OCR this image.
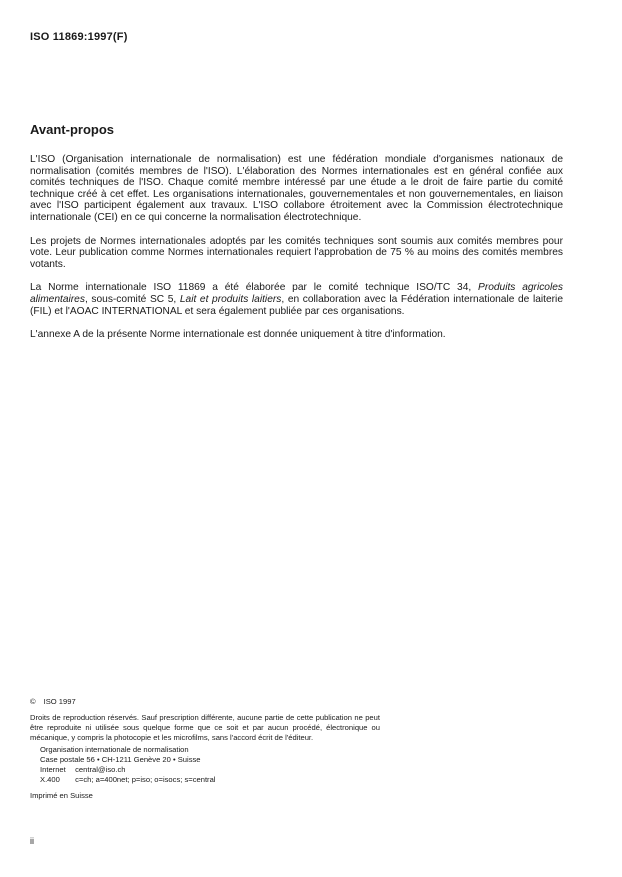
ISO 11869:1997(F)
Avant-propos

L'ISO (Organisation internationale de normalisation) est une fédération mondiale d'organismes nationaux de normalisation (comités membres de l'ISO). L'élaboration des Normes internationales est en général confiée aux comités techniques de l'ISO. Chaque comité membre intéressé par une étude a le droit de faire partie du comité technique créé à cet effet. Les organisations internationales, gouvernementales et non gouvernementales, en liaison avec l'ISO participent également aux travaux. L'ISO collabore étroitement avec la Commission électrotechnique internationale (CEI) en ce qui concerne la normalisation électrotechnique.

Les projets de Normes internationales adoptés par les comités techniques sont soumis aux comités membres pour vote. Leur publication comme Normes internationales requiert l'approbation de 75 % au moins des comités membres votants.

La Norme internationale ISO 11869 a été élaborée par le comité technique ISO/TC 34, Produits agricoles alimentaires, sous-comité SC 5, Lait et produits laitiers, en collaboration avec la Fédération internationale de laiterie (FIL) et l'AOAC INTERNATIONAL et sera également publiée par ces organisations.

L'annexe A de la présente Norme internationale est donnée uniquement à titre d'information.

© ISO 1997
Droits de reproduction réservés. Sauf prescription différente, aucune partie de cette publication ne peut être reproduite ni utilisée sous quelque forme que ce soit et par aucun procédé, électronique ou mécanique, y compris la photocopie et les microfilms, sans l'accord écrit de l'éditeur.
Organisation internationale de normalisation
Case postale 56 • CH-1211 Genève 20 • Suisse
Internet central@iso.ch
X.400 c=ch; a=400net; p=iso; o=isocs; s=central
Imprimé en Suisse
ii
